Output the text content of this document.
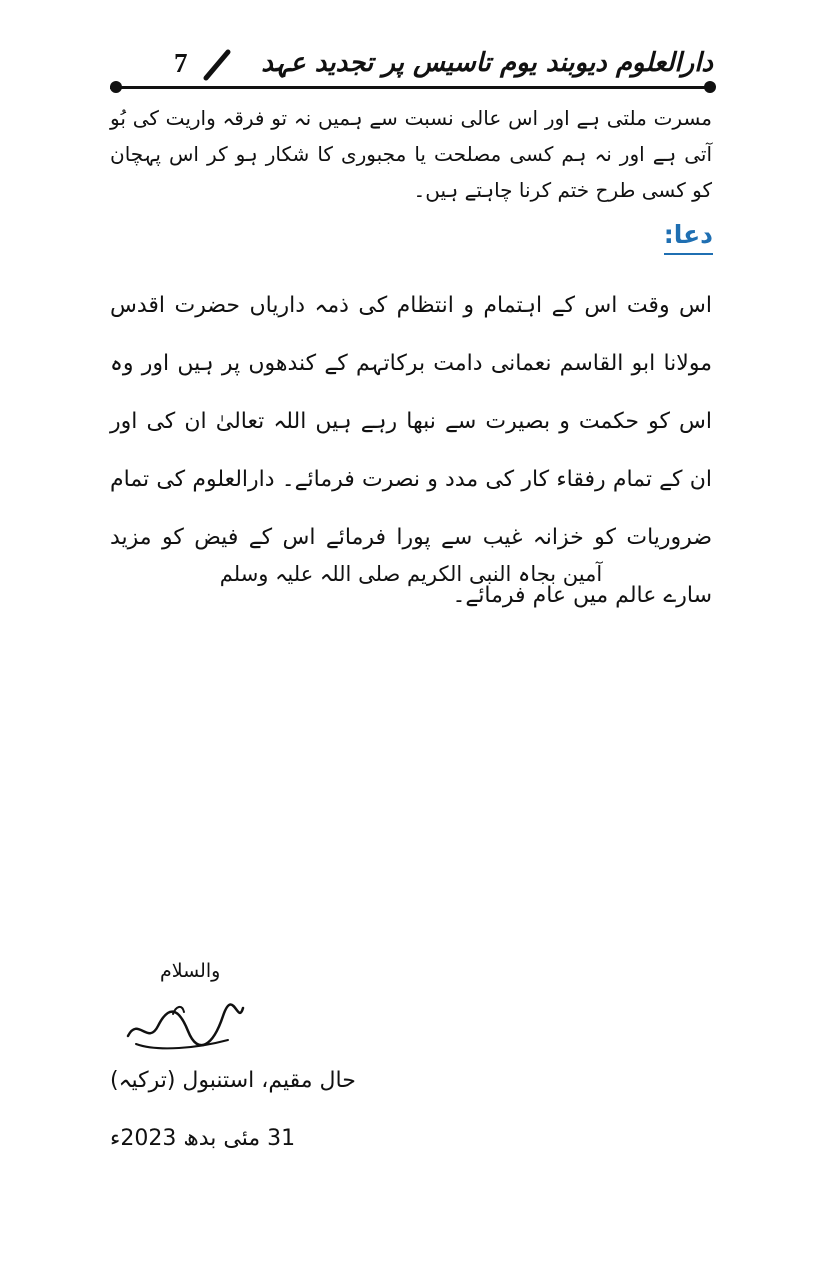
دارالعلوم دیوبند یوم تاسیس پر تجدید عہد
7
مسرت ملتی ہے اور اس عالی نسبت سے ہمیں نہ تو فرقہ واریت کی بُو آتی ہے اور نہ ہم کسی مصلحت یا مجبوری کا شکار ہو کر اس پہچان کو کسی طرح ختم کرنا چاہتے ہیں۔
دعا:
اس وقت اس کے اہتمام و انتظام کی ذمہ داریاں حضرت اقدس مولانا ابو القاسم نعمانی دامت برکاتہم کے کندھوں پر ہیں اور وہ اس کو حکمت و بصیرت سے نبھا رہے ہیں اللہ تعالیٰ ان کی اور ان کے تمام رفقاء کار کی مدد و نصرت فرمائے۔ دارالعلوم کی تمام ضروریات کو خزانہ غیب سے پورا فرمائے اس کے فیض کو مزید سارے عالم میں عام فرمائے۔
آمین بجاہ النبی الکریم صلی اللہ علیہ وسلم
والسلام
حال مقیم، استنبول (ترکیہ)
31 مئی بدھ 2023ء
